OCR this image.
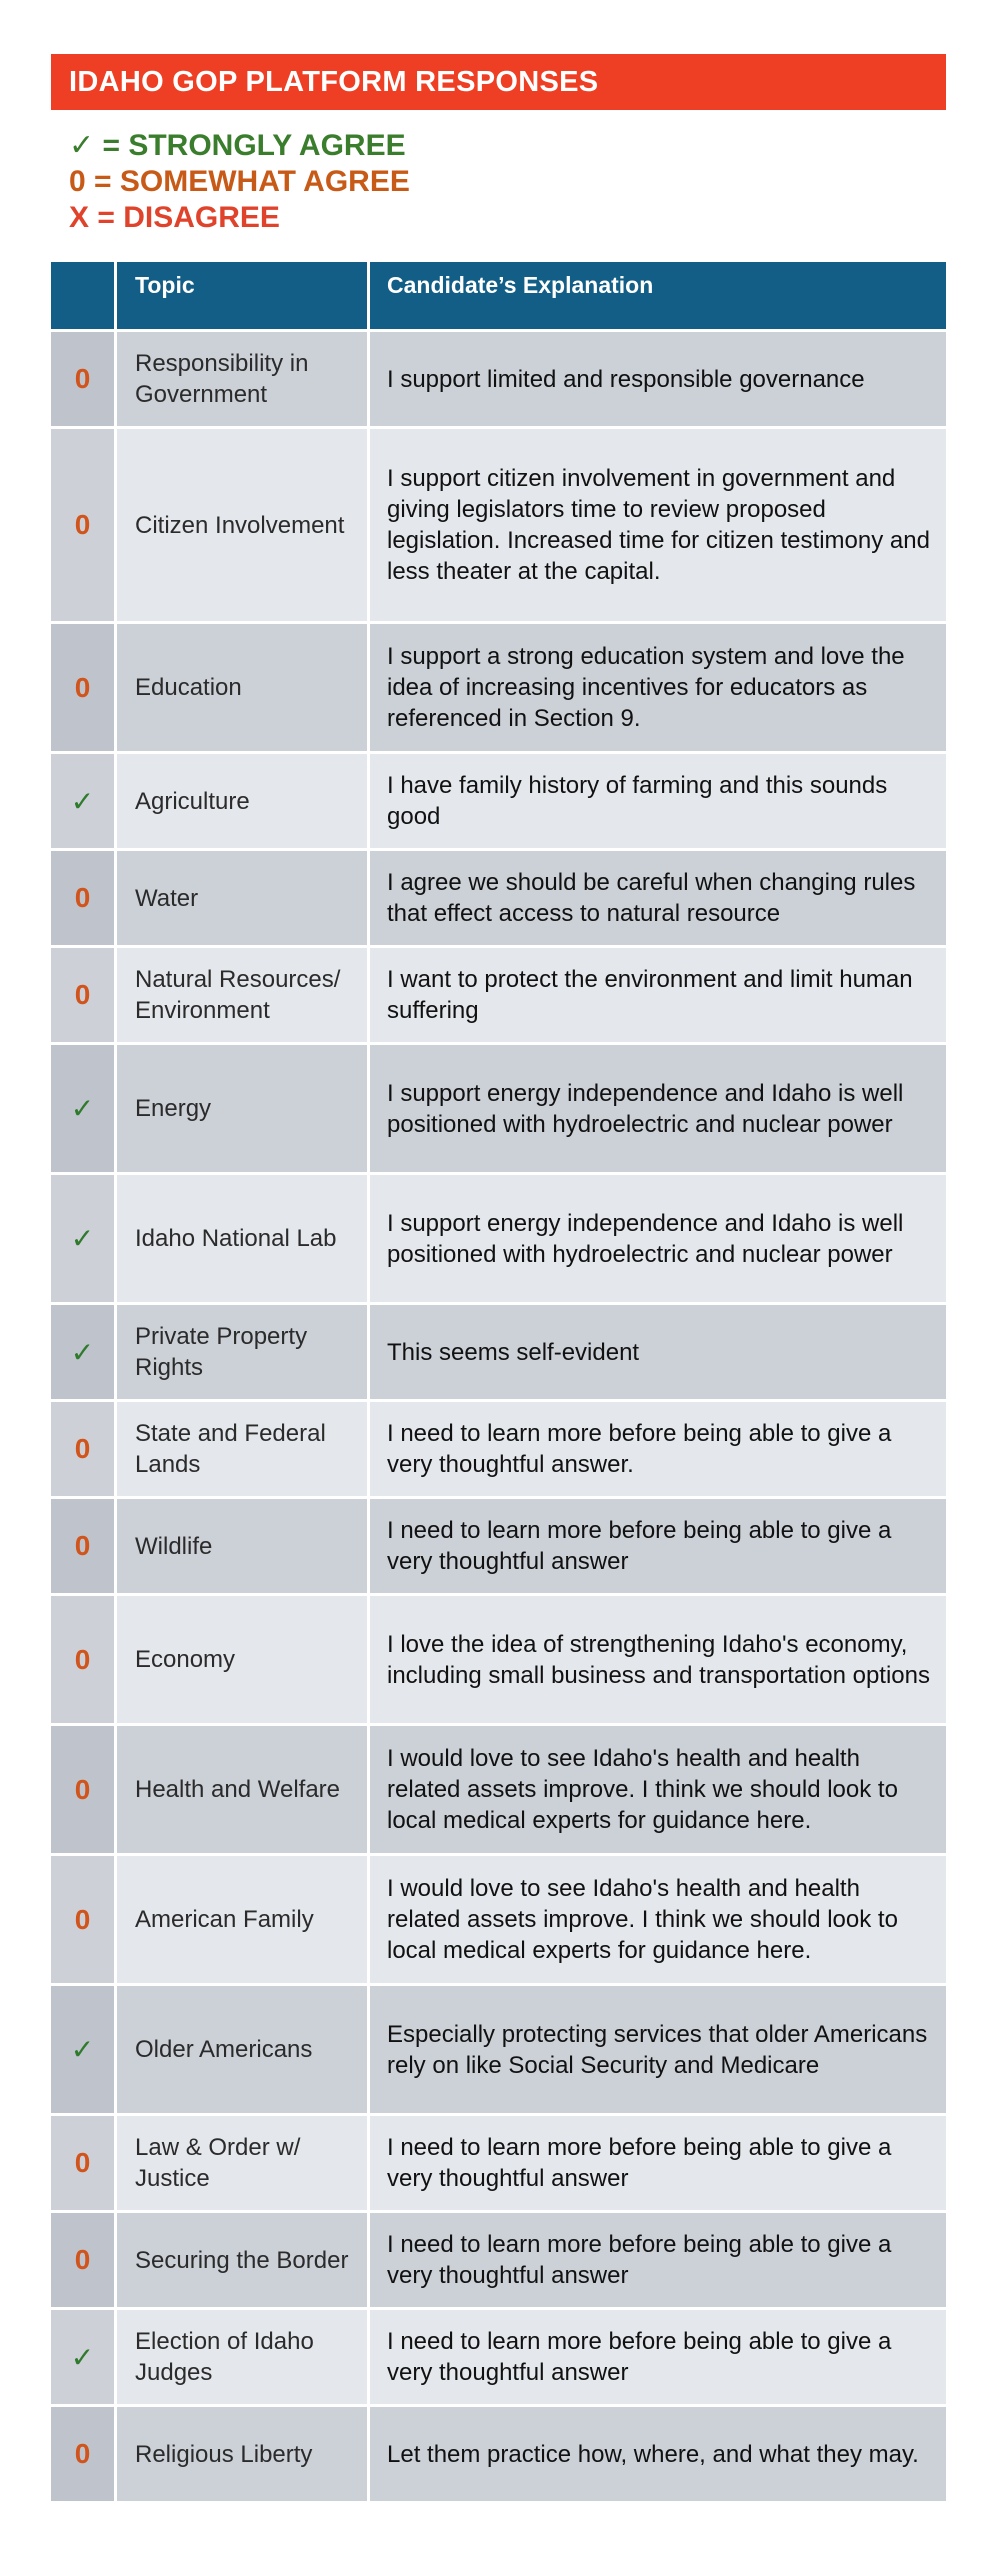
IDAHO GOP PLATFORM RESPONSES
✓ = STRONGLY AGREE
0 = SOMEWHAT AGREE
X = DISAGREE
Topic	Candidate’s Explanation
0 Responsibility in Government
I support limited and responsible governance
0 Citizen Involvement
I support citizen involvement in government and giving legislators time to review proposed legislation. Increased time for citizen testimony and less theater at the capital.
0 Education
I support a strong education system and love the idea of increasing incentives for educators as referenced in Section 9.
✓ Agriculture
I have family history of farming and this sounds good
0 Water
I agree we should be careful when changing rules that effect access to natural resource
0 Natural Resources/ Environment
I want to protect the environment and limit human suffering
✓ Energy
I support energy independence and Idaho is well positioned with hydroelectric and nuclear power
✓ Idaho National Lab
I support energy independence and Idaho is well positioned with hydroelectric and nuclear power
✓ Private Property Rights
This seems self-evident
0 State and Federal Lands
I need to learn more before being able to give a very thoughtful answer.
0 Wildlife
I need to learn more before being able to give a very thoughtful answer
0 Economy
I love the idea of strengthening Idaho's economy, including small business and transportation options
0 Health and Welfare
I would love to see Idaho's health and health related assets improve. I think we should look to local medical experts for guidance here.
0 American Family
I would love to see Idaho's health and health related assets improve. I think we should look to local medical experts for guidance here.
✓ Older Americans
Especially protecting services that older Americans rely on like Social Security and Medicare
0 Law & Order w/ Justice
I need to learn more before being able to give a very thoughtful answer
0 Securing the Border
I need to learn more before being able to give a very thoughtful answer
✓ Election of Idaho Judges
I need to learn more before being able to give a very thoughtful answer
0 Religious Liberty	Let them practice how, where, and what they may.
